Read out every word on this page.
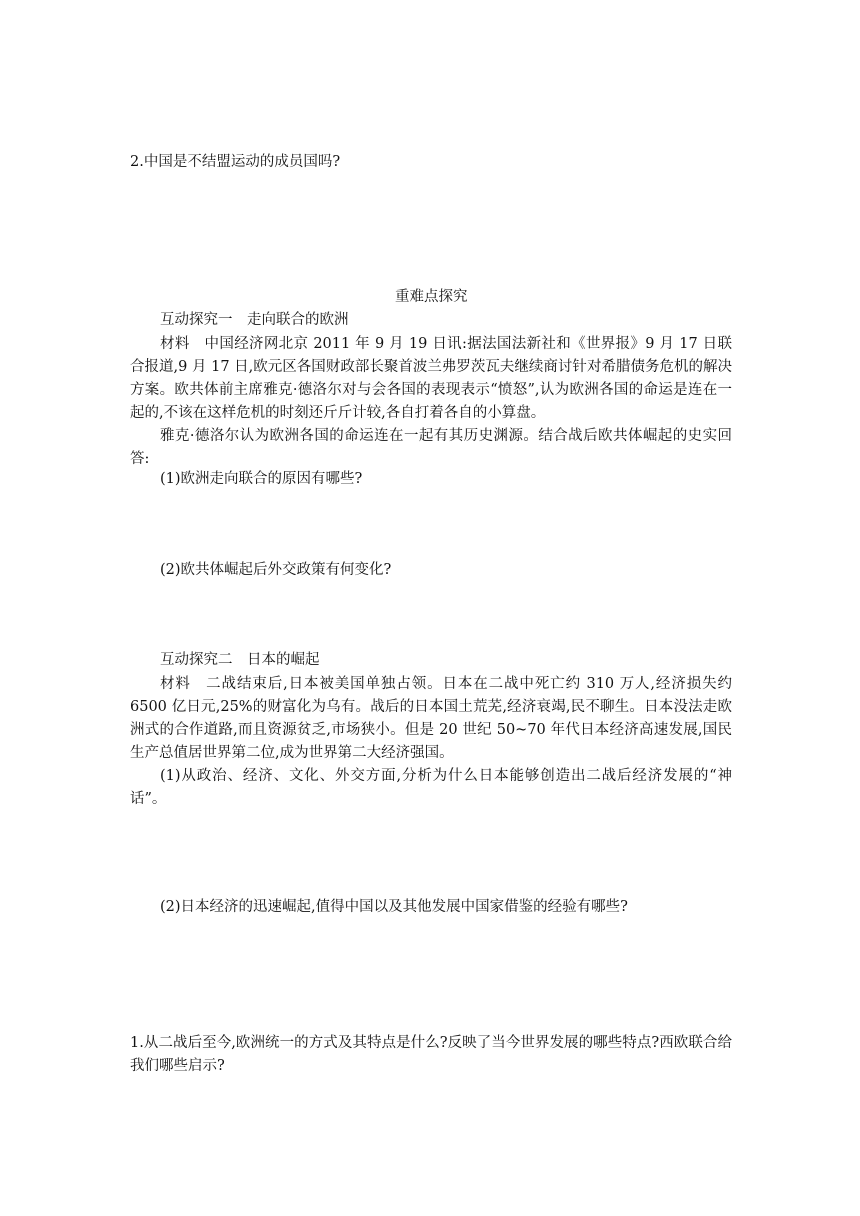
2.中国是不结盟运动的成员国吗?
重难点探究
互动探究一　走向联合的欧洲
材料　中国经济网北京 2011 年 9 月 19 日讯:据法国法新社和《世界报》9 月 17 日联合报道,9 月 17 日,欧元区各国财政部长聚首波兰弗罗茨瓦夫继续商讨针对希腊债务危机的解决方案。欧共体前主席雅克·德洛尔对与会各国的表现表示“愤怒”,认为欧洲各国的命运是连在一起的,不该在这样危机的时刻还斤斤计较,各自打着各自的小算盘。
雅克·德洛尔认为欧洲各国的命运连在一起有其历史渊源。结合战后欧共体崛起的史实回答:
(1)欧洲走向联合的原因有哪些?
(2)欧共体崛起后外交政策有何变化?
互动探究二　日本的崛起
材料　二战结束后,日本被美国单独占领。日本在二战中死亡约 310 万人,经济损失约 6500 亿日元,25%的财富化为乌有。战后的日本国土荒芜,经济衰竭,民不聊生。日本没法走欧洲式的合作道路,而且资源贫乏,市场狭小。但是 20 世纪 50~70 年代日本经济高速发展,国民生产总值居世界第二位,成为世界第二大经济强国。
(1)从政治、经济、文化、外交方面,分析为什么日本能够创造出二战后经济发展的“神话”。
(2)日本经济的迅速崛起,值得中国以及其他发展中国家借鉴的经验有哪些?
1.从二战后至今,欧洲统一的方式及其特点是什么?反映了当今世界发展的哪些特点?西欧联合给我们哪些启示?
